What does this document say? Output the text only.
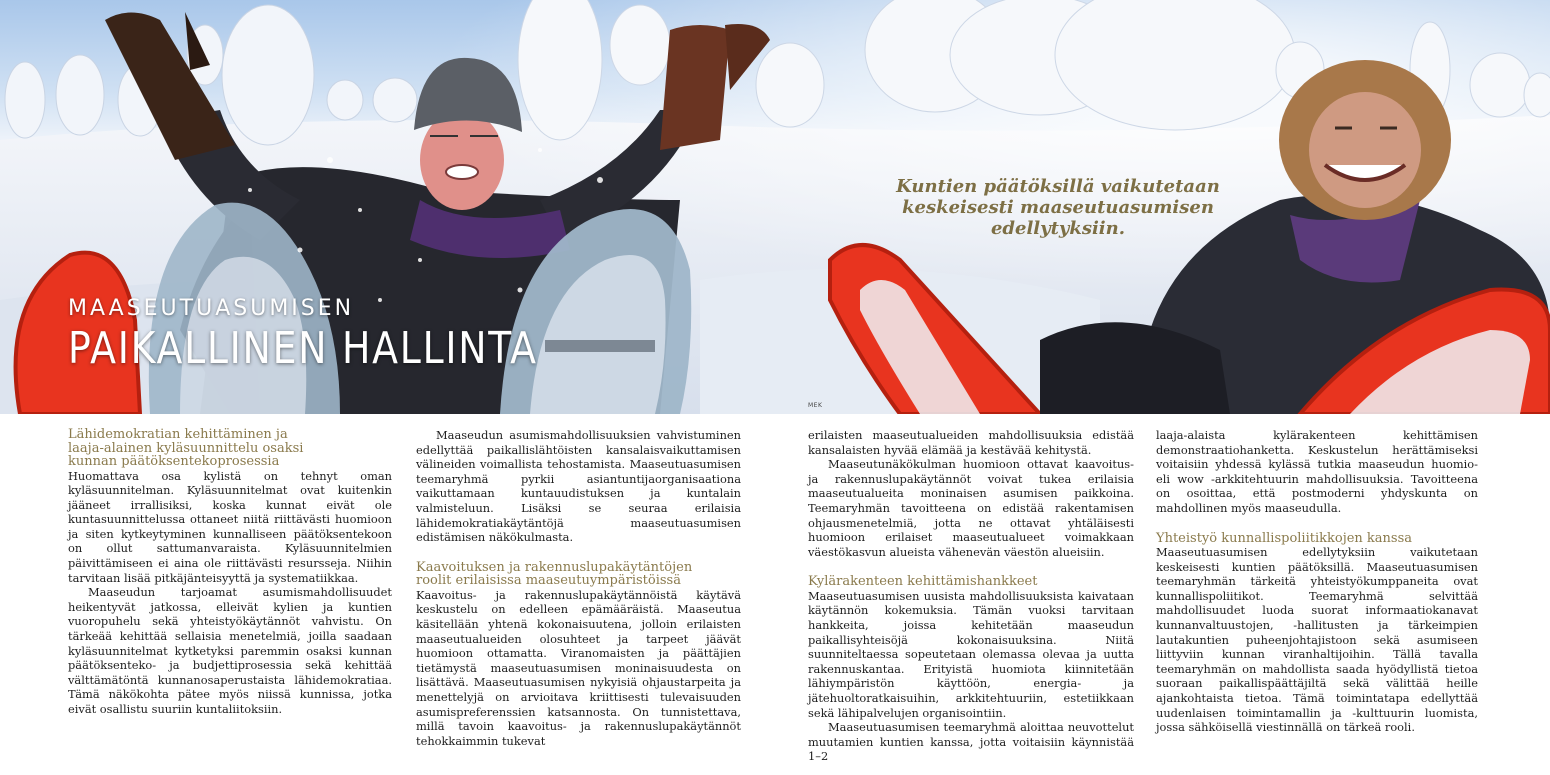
MAASEUTUASUMISEN
PAIKALLINEN HALLINTA
Kuntien päätöksillä vaikutetaan
keskeisesti maaseutuasumisen
edellytyksiin.
MEK
Lähidemokratian kehittäminen ja
laaja-alainen kyläsuunnittelu osaksi
kunnan päätöksentekoprosessia

Huomattava osa kylistä on tehnyt oman kyläsuunnitelman. Kyläsuunnitelmat ovat kuitenkin jääneet irrallisiksi, koska kunnat eivät ole kuntasuunnittelussa ottaneet niitä riittävästi huomioon ja siten kytkeytyminen kunnalliseen päätöksentekoon on ollut sattumanvaraista. Kyläsuunnitelmien päivittämiseen ei aina ole riittävästi resursseja. Niihin tarvitaan lisää pitkäjänteisyyttä ja systematiikkaa.

Maaseudun tarjoamat asumismahdollisuudet heikentyvät jatkossa, elleivät kylien ja kuntien vuoropuhelu sekä yhteistyökäytännöt vahvistu. On tärkeää kehittää sellaisia menetelmiä, joilla saadaan kyläsuunnitelmat kytketyksi paremmin osaksi kunnan päätöksenteko- ja budjettiprosessia sekä kehittää välttämätöntä kunnanosaperustaista lähidemokratiaa. Tämä näkökohta pätee myös niissä kunnissa, jotka eivät osallistu suuriin kuntaliitoksiin.

Maaseudun asumismahdollisuuksien vahvistuminen edellyttää paikallislähtöisten kansalaisvaikuttamisen välineiden voimallista tehostamista. Maaseutuasumisen teemaryhmä pyrkii asiantuntijaorganisaationa vaikuttamaan kuntauudistuksen ja kuntalain valmisteluun. Lisäksi se seuraa erilaisia lähidemokratiakäytäntöjä maaseutuasumisen edistämisen näkökulmasta.

Kaavoituksen ja rakennuslupakäytäntöjen
roolit erilaisissa maaseutuympäristöissä

Kaavoitus- ja rakennuslupakäytännöistä käytävä keskustelu on edelleen epämääräistä. Maaseutua käsitellään yhtenä kokonaisuutena, jolloin erilaisten maaseutualueiden olosuhteet ja tarpeet jäävät huomioon ottamatta. Viranomaisten ja päättäjien tietämystä maaseutuasumisen moninaisuudesta on lisättävä. Maaseutuasumisen nykyisiä ohjaustarpeita ja menettelyjä on arvioitava kriittisesti tulevaisuuden asumispreferenssien katsannosta. On tunnistettava, millä tavoin kaavoitus- ja rakennuslupakäytännöt tehokkaimmin tukevat

erilaisten maaseutualueiden mahdollisuuksia edistää kansalaisten hyvää elämää ja kestävää kehitystä.

Maaseutunäkökulman huomioon ottavat kaavoitus- ja rakennuslupakäytännöt voivat tukea erilaisia maaseutualueita moninaisen asumisen paikkoina. Teemaryhmän tavoitteena on edistää rakentamisen ohjausmenetelmiä, jotta ne ottavat yhtäläisesti huomioon erilaiset maaseutualueet voimakkaan väestökasvun alueista vähenevän väestön alueisiin.

Kylärakenteen kehittämishankkeet

Maaseutuasumisen uusista mahdollisuuksista kaivataan käytännön kokemuksia. Tämän vuoksi tarvitaan hankkeita, joissa kehitetään maaseudun paikallisyhteisöjä kokonaisuuksina. Niitä suunniteltaessa sopeutetaan olemassa olevaa ja uutta rakennuskantaa. Erityistä huomiota kiinnitetään lähiympäristön käyttöön, energia- ja jätehuoltoratkaisuihin, arkkitehtuuriin, estetiikkaan sekä lähipalvelujen organisointiin.

Maaseutuasumisen teemaryhmä aloittaa neuvottelut muutamien kuntien kanssa, jotta voitaisiin käynnistää 1–2

laaja-alaista kylärakenteen kehittämisen demonstraatiohanketta. Keskustelun herättämiseksi voitaisiin yhdessä kylässä tutkia maaseudun huomio- eli wow -arkkitehtuurin mahdollisuuksia. Tavoitteena on osoittaa, että postmoderni yhdyskunta on mahdollinen myös maaseudulla.

Yhteistyö kunnallispoliitikkojen kanssa

Maaseutuasumisen edellytyksiin vaikutetaan keskeisesti kuntien päätöksillä. Maaseutuasumisen teemaryhmän tärkeitä yhteistyökumppaneita ovat kunnallispoliitikot. Teemaryhmä selvittää mahdollisuudet luoda suorat informaatiokanavat kunnanvaltuustojen, -hallitusten ja tärkeimpien lautakuntien puheenjohtajistoon sekä asumiseen liittyviin kunnan viranhaltijoihin. Tällä tavalla teemaryhmän on mahdollista saada hyödyllistä tietoa suoraan paikallispäättäjiltä sekä välittää heille ajankohtaista tietoa. Tämä toimintatapa edellyttää uudenlaisen toimintamallin ja -kulttuurin luomista, jossa sähköisellä viestinnällä on tärkeä rooli.
